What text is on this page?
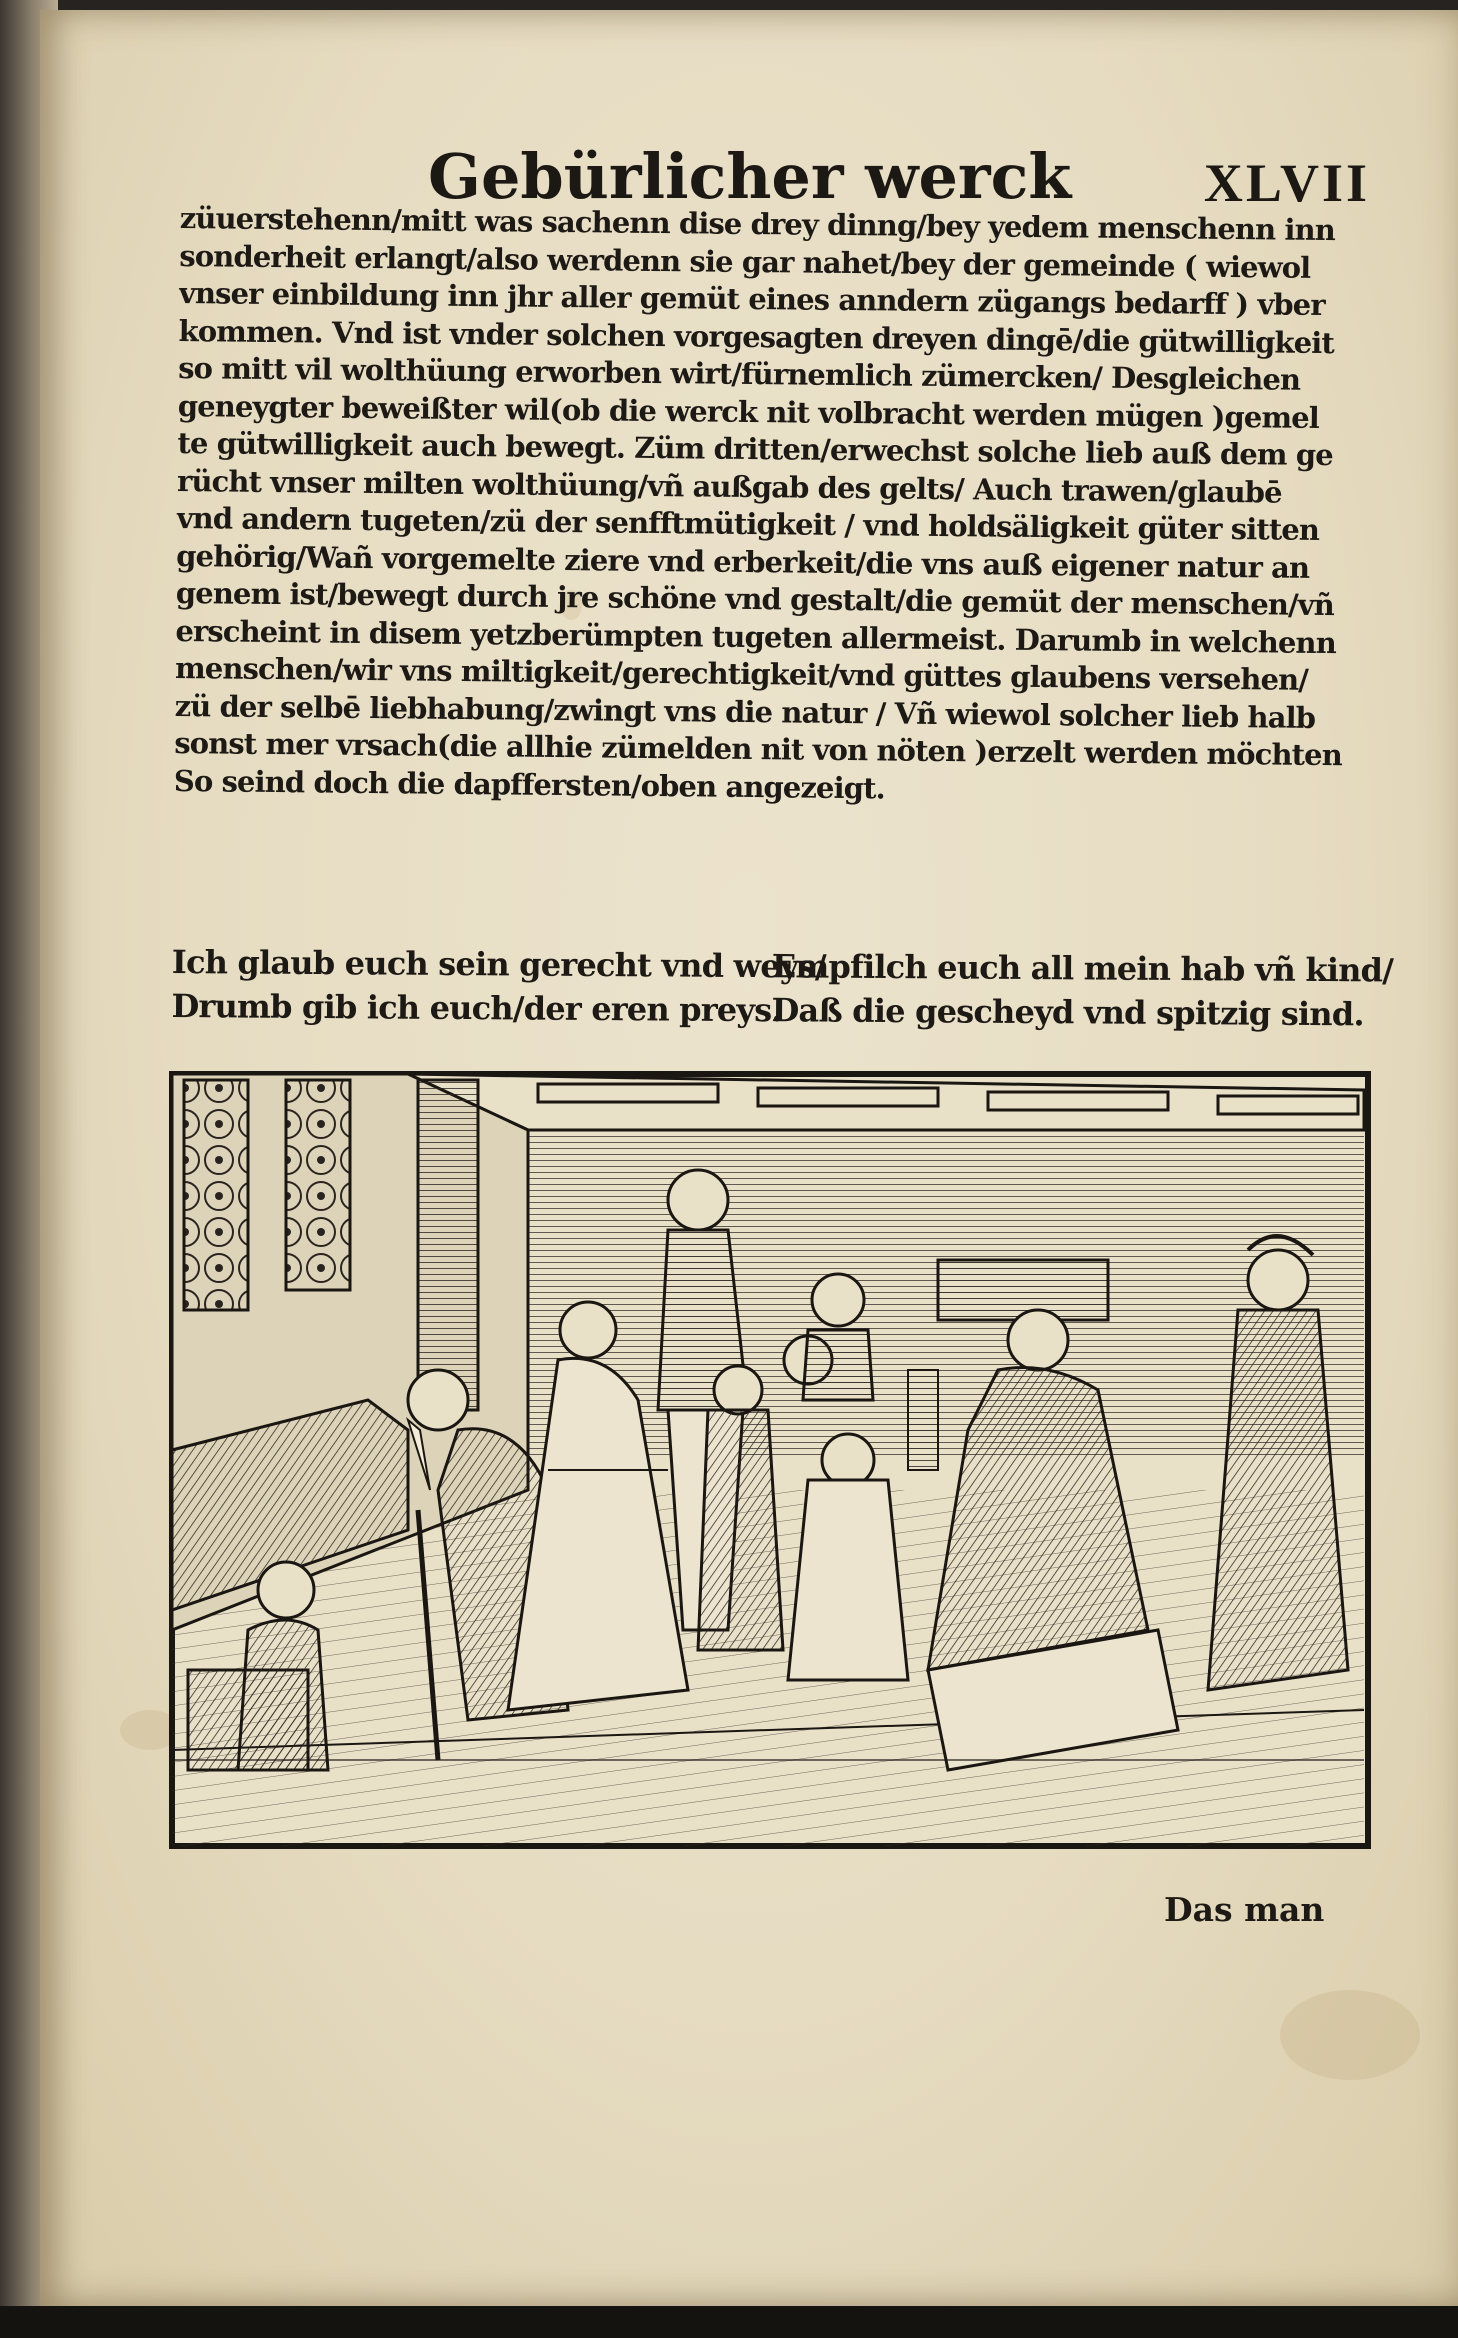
Gebürlicher werck XLVII
züuerstehenn/mitt was sachenn dise drey dinng/bey yedem menschenn inn
sonderheit erlangt/also werdenn sie gar nahet/bey der gemeinde ( wiewol
vnser einbildung inn jhr aller gemüt eines anndern zügangs bedarff ) vber
kommen. Vnd ist vnder solchen vorgesagten dreyen dingē/die gütwilligkeit
so mitt vil wolthüung erworben wirt/fürnemlich zümercken/ Desgleichen
geneygter beweißter wil(ob die werck nit volbracht werden mügen )gemel
te gütwilligkeit auch bewegt. Züm dritten/erwechst solche lieb auß dem ge
rücht vnser milten wolthüung/vñ außgab des gelts/ Auch trawen/glaubē
vnd andern tugeten/zü der senfftmütigkeit / vnd holdsäligkeit güter sitten
gehörig/Wañ vorgemelte ziere vnd erberkeit/die vns auß eigener natur an
genem ist/bewegt durch jre schöne vnd gestalt/die gemüt der menschen/vñ
erscheint in disem yetzberümpten tugeten allermeist. Darumb in welchenn
menschen/wir vns miltigkeit/gerechtigkeit/vnd güttes glaubens versehen/
zü der selbē liebhabung/zwingt vns die natur / Vñ wiewol solcher lieb halb
sonst mer vrsach(die allhie zümelden nit von nöten )erzelt werden möchten
So seind doch die dapffersten/oben angezeigt.
Ich glaub euch sein gerecht vnd weys/
Drumb gib ich euch/der eren preys.
Empfilch euch all mein hab vñ kind/
Daß die gescheyd vnd spitzig sind.
Das man
